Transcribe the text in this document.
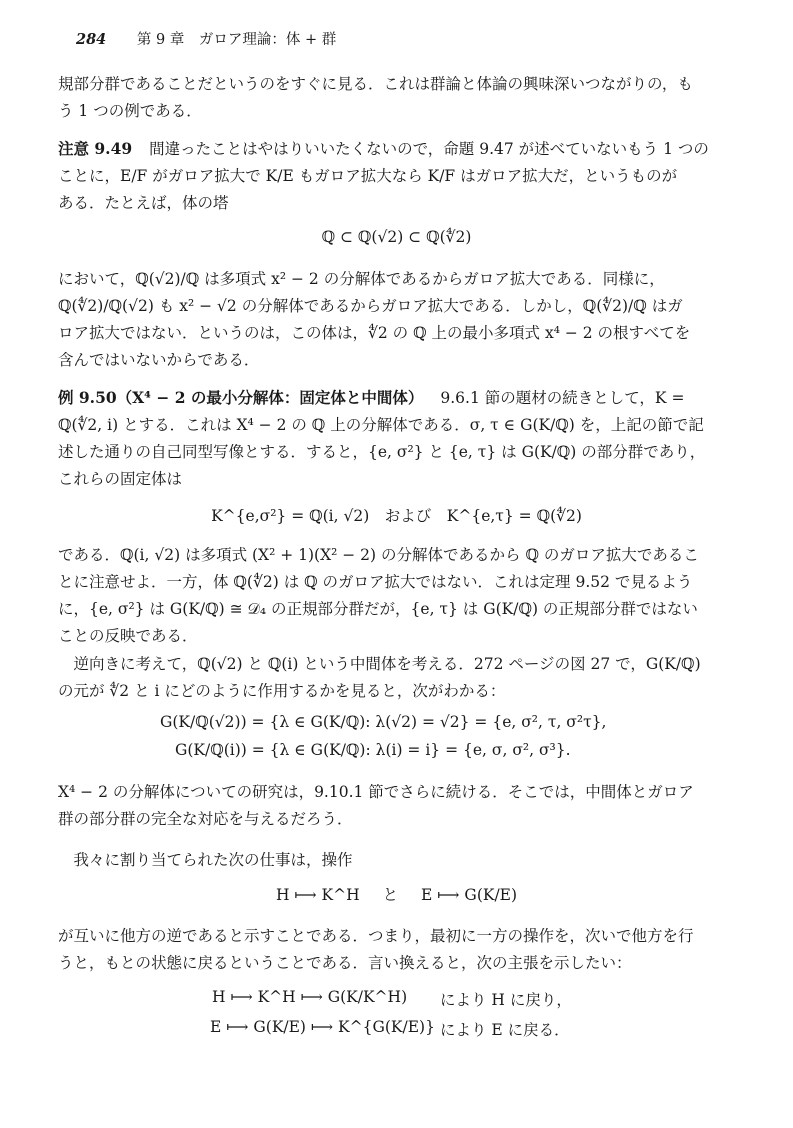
284 第 9 章　ガロア理論：体 + 群
規部分群であることだというのをすぐに見る．これは群論と体論の興味深いつながりの，も
う 1 つの例である．
注意 9.49 間違ったことはやはりいいたくないので，命題 9.47 が述べていないもう 1 つの
ことに，E/F がガロア拡大で K/E もガロア拡大なら K/F はガロア拡大だ，というものが
ある．たとえば，体の塔
ℚ ⊂ ℚ(√2) ⊂ ℚ(∜2)
において，ℚ(√2)/ℚ は多項式 x² − 2 の分解体であるからガロア拡大である．同様に，
ℚ(∜2)/ℚ(√2) も x² − √2 の分解体であるからガロア拡大である．しかし，ℚ(∜2)/ℚ はガ
ロア拡大ではない．というのは，この体は，∜2 の ℚ 上の最小多項式 x⁴ − 2 の根すべてを
含んではいないからである．
例 9.50（X⁴ − 2 の最小分解体：固定体と中間体） 9.6.1 節の題材の続きとして，K =
ℚ(∜2, i) とする．これは X⁴ − 2 の ℚ 上の分解体である．σ, τ ∈ G(K/ℚ) を，上記の節で記
述した通りの自己同型写像とする．すると，{e, σ²} と {e, τ} は G(K/ℚ) の部分群であり，
これらの固定体は
K^{e,σ²} = ℚ(i, √2)　および　K^{e,τ} = ℚ(∜2)
である．ℚ(i, √2) は多項式 (X² + 1)(X² − 2) の分解体であるから ℚ のガロア拡大であるこ
とに注意せよ．一方，体 ℚ(∜2) は ℚ のガロア拡大ではない．これは定理 9.52 で見るよう
に，{e, σ²} は G(K/ℚ) ≅ 𝒟₄ の正規部分群だが，{e, τ} は G(K/ℚ) の正規部分群ではない
ことの反映である．
　逆向きに考えて，ℚ(√2) と ℚ(i) という中間体を考える．272 ページの図 27 で，G(K/ℚ)
の元が ∜2 と i にどのように作用するかを見ると，次がわかる：
G(K/ℚ(√2)) = {λ ∈ G(K/ℚ): λ(√2) = √2} = {e, σ², τ, σ²τ},
G(K/ℚ(i)) = {λ ∈ G(K/ℚ): λ(i) = i} = {e, σ, σ², σ³}.
X⁴ − 2 の分解体についての研究は，9.10.1 節でさらに続ける．そこでは，中間体とガロア
群の部分群の完全な対応を与えるだろう．
　我々に割り当てられた次の仕事は，操作
H ⟼ K^H と E ⟼ G(K/E)
が互いに他方の逆であると示すことである．つまり，最初に一方の操作を，次いで他方を行
うと，もとの状態に戻るということである．言い換えると，次の主張を示したい：
H ⟼ K^H ⟼ G(K/K^H) により H に戻り，
E ⟼ G(K/E) ⟼ K^{G(K/E)} により E に戻る．
